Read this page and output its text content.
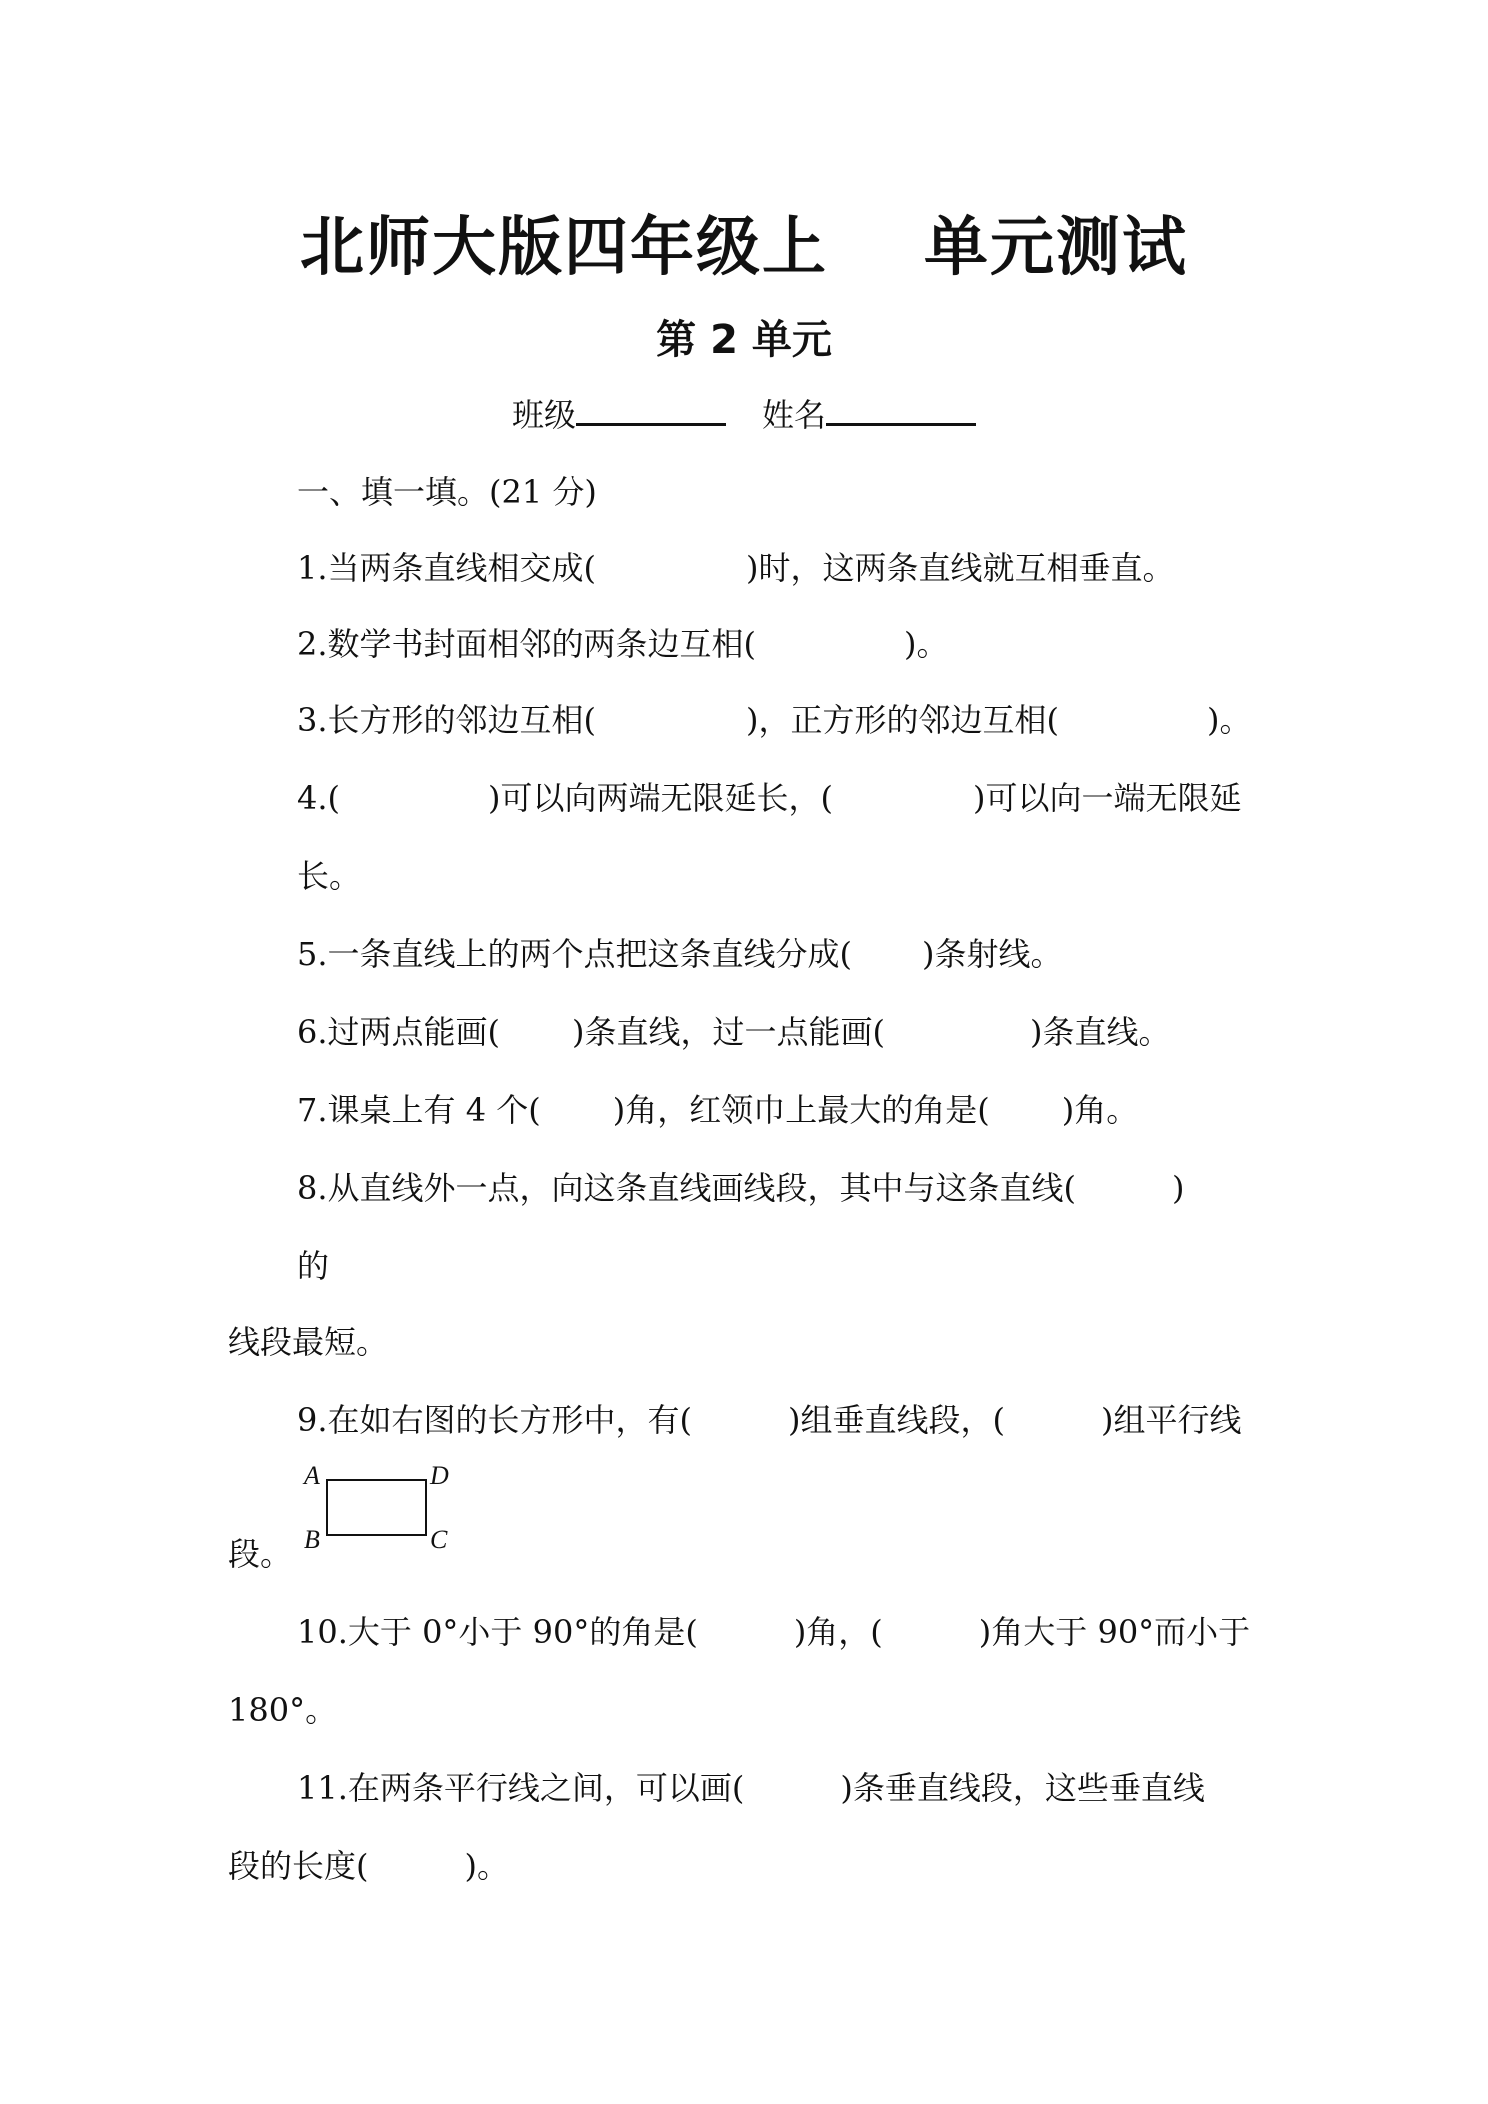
北师大版四年级上 单元测试
第 2 单元
班级	姓名
一、填一填。(21 分)
1.当两条直线相交成(	)时，这两条直线就互相垂直。
2.数学书封面相邻的两条边互相(	)。
3.长方形的邻边互相(	)，正方形的邻边互相(	)。
4.(	)可以向两端无限延长，(	)可以向一端无限延
长。
5.一条直线上的两个点把这条直线分成( )条射线。
6.过两点能画( )条直线，过一点能画(	)条直线。
7.课桌上有 4 个( )角，红领巾上最大的角是( )角。
8.从直线外一点，向这条直线画线段，其中与这条直线(	)
的
线段最短。
9.在如右图的长方形中，有(	)组垂直线段，(	)组平行线
段。
A	D
B	C
10.大于 0°小于 90°的角是(	)角，(	)角大于 90°而小于
180°。
11.在两条平行线之间，可以画(	)条垂直线段，这些垂直线
段的长度(	)。
